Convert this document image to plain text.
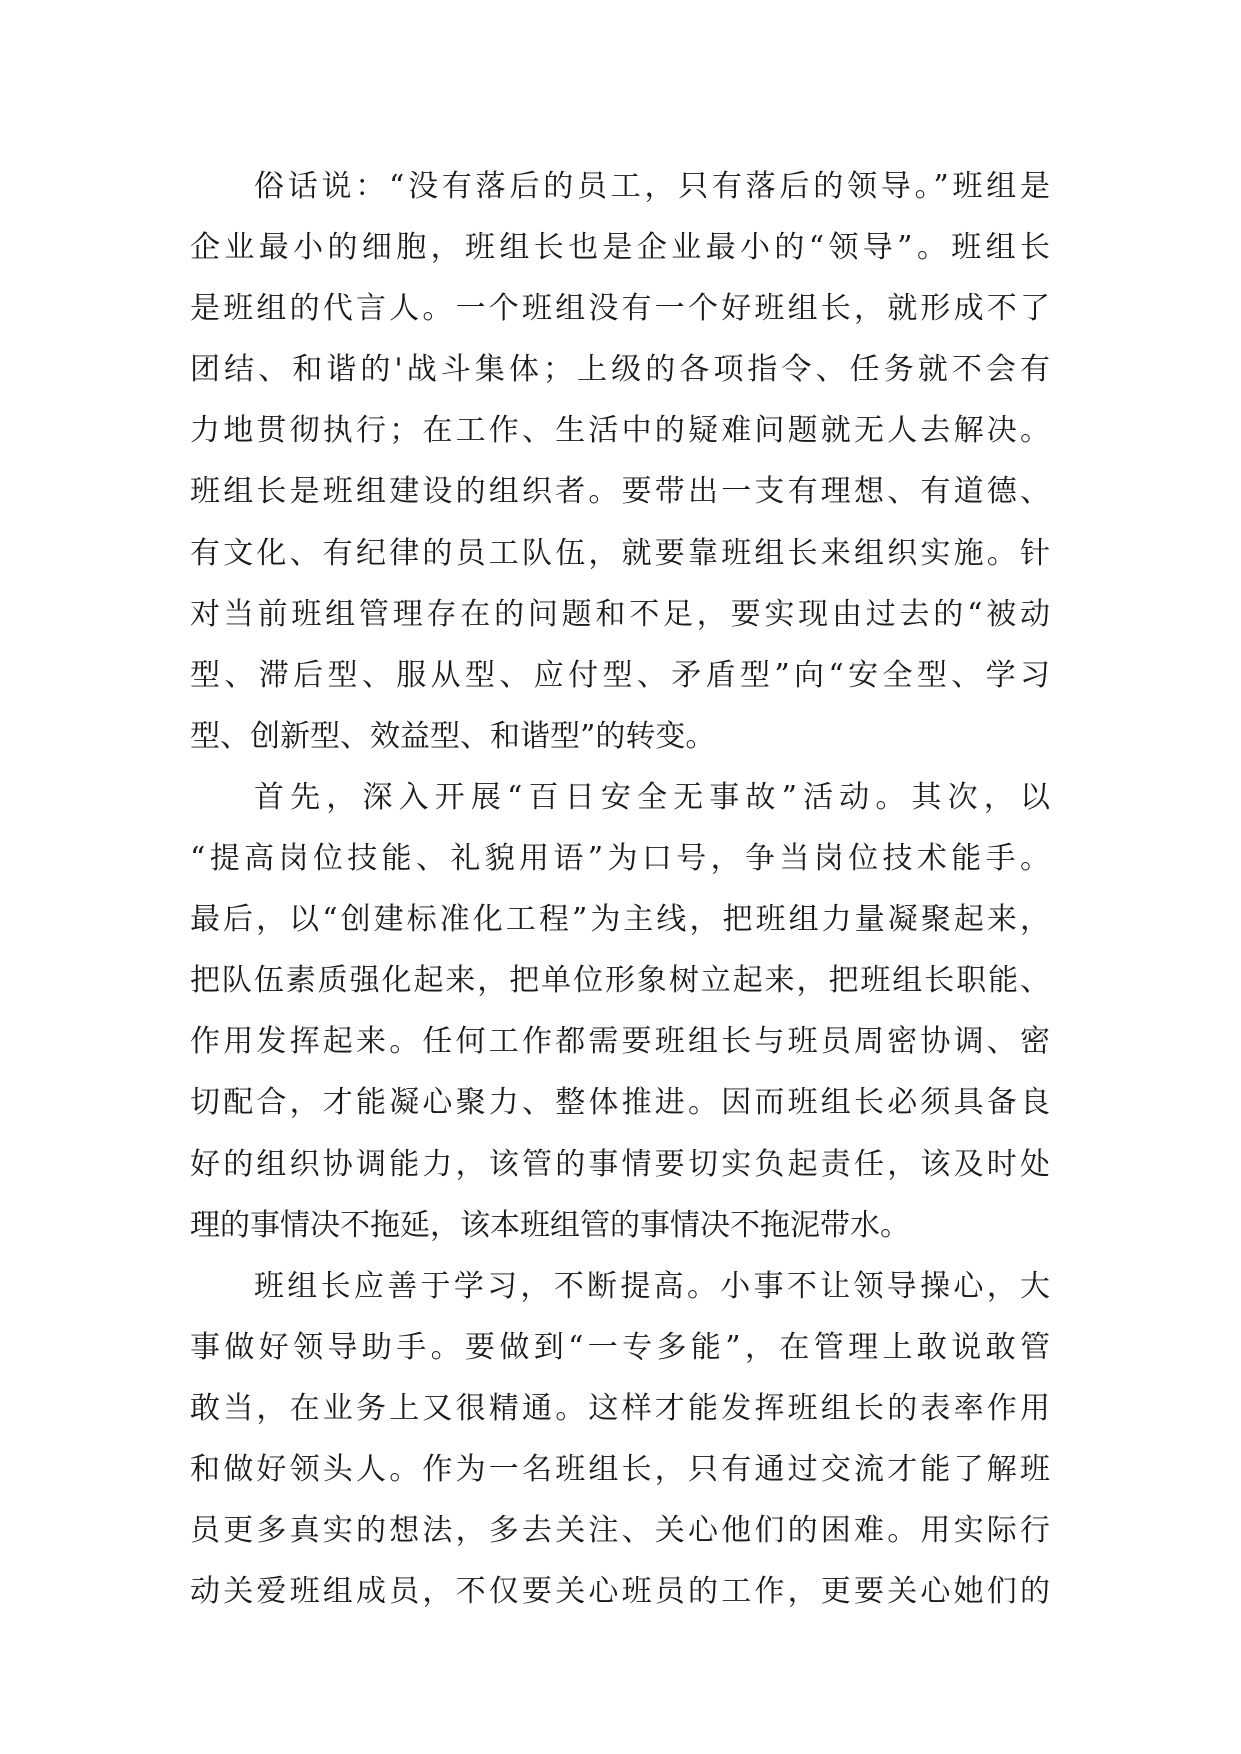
俗话说：“没有落后的员工，只有落后的领导。”班组是
企业最小的细胞，班组长也是企业最小的“领导”。班组长
是班组的代言人。一个班组没有一个好班组长，就形成不了
团结、和谐的'战斗集体；上级的各项指令、任务就不会有
力地贯彻执行；在工作、生活中的疑难问题就无人去解决。
班组长是班组建设的组织者。要带出一支有理想、有道德、
有文化、有纪律的员工队伍，就要靠班组长来组织实施。针
对当前班组管理存在的问题和不足，要实现由过去的“被动
型、滞后型、服从型、应付型、矛盾型”向“安全型、学习
型、创新型、效益型、和谐型”的转变。
首先，深入开展“百日安全无事故”活动。其次，以
“提高岗位技能、礼貌用语”为口号，争当岗位技术能手。
最后，以“创建标准化工程”为主线，把班组力量凝聚起来，
把队伍素质强化起来，把单位形象树立起来，把班组长职能、
作用发挥起来。任何工作都需要班组长与班员周密协调、密
切配合，才能凝心聚力、整体推进。因而班组长必须具备良
好的组织协调能力，该管的事情要切实负起责任，该及时处
理的事情决不拖延，该本班组管的事情决不拖泥带水。
班组长应善于学习，不断提高。小事不让领导操心，大
事做好领导助手。要做到“一专多能”，在管理上敢说敢管
敢当，在业务上又很精通。这样才能发挥班组长的表率作用
和做好领头人。作为一名班组长，只有通过交流才能了解班
员更多真实的想法，多去关注、关心他们的困难。用实际行
动关爱班组成员，不仅要关心班员的工作，更要关心她们的
